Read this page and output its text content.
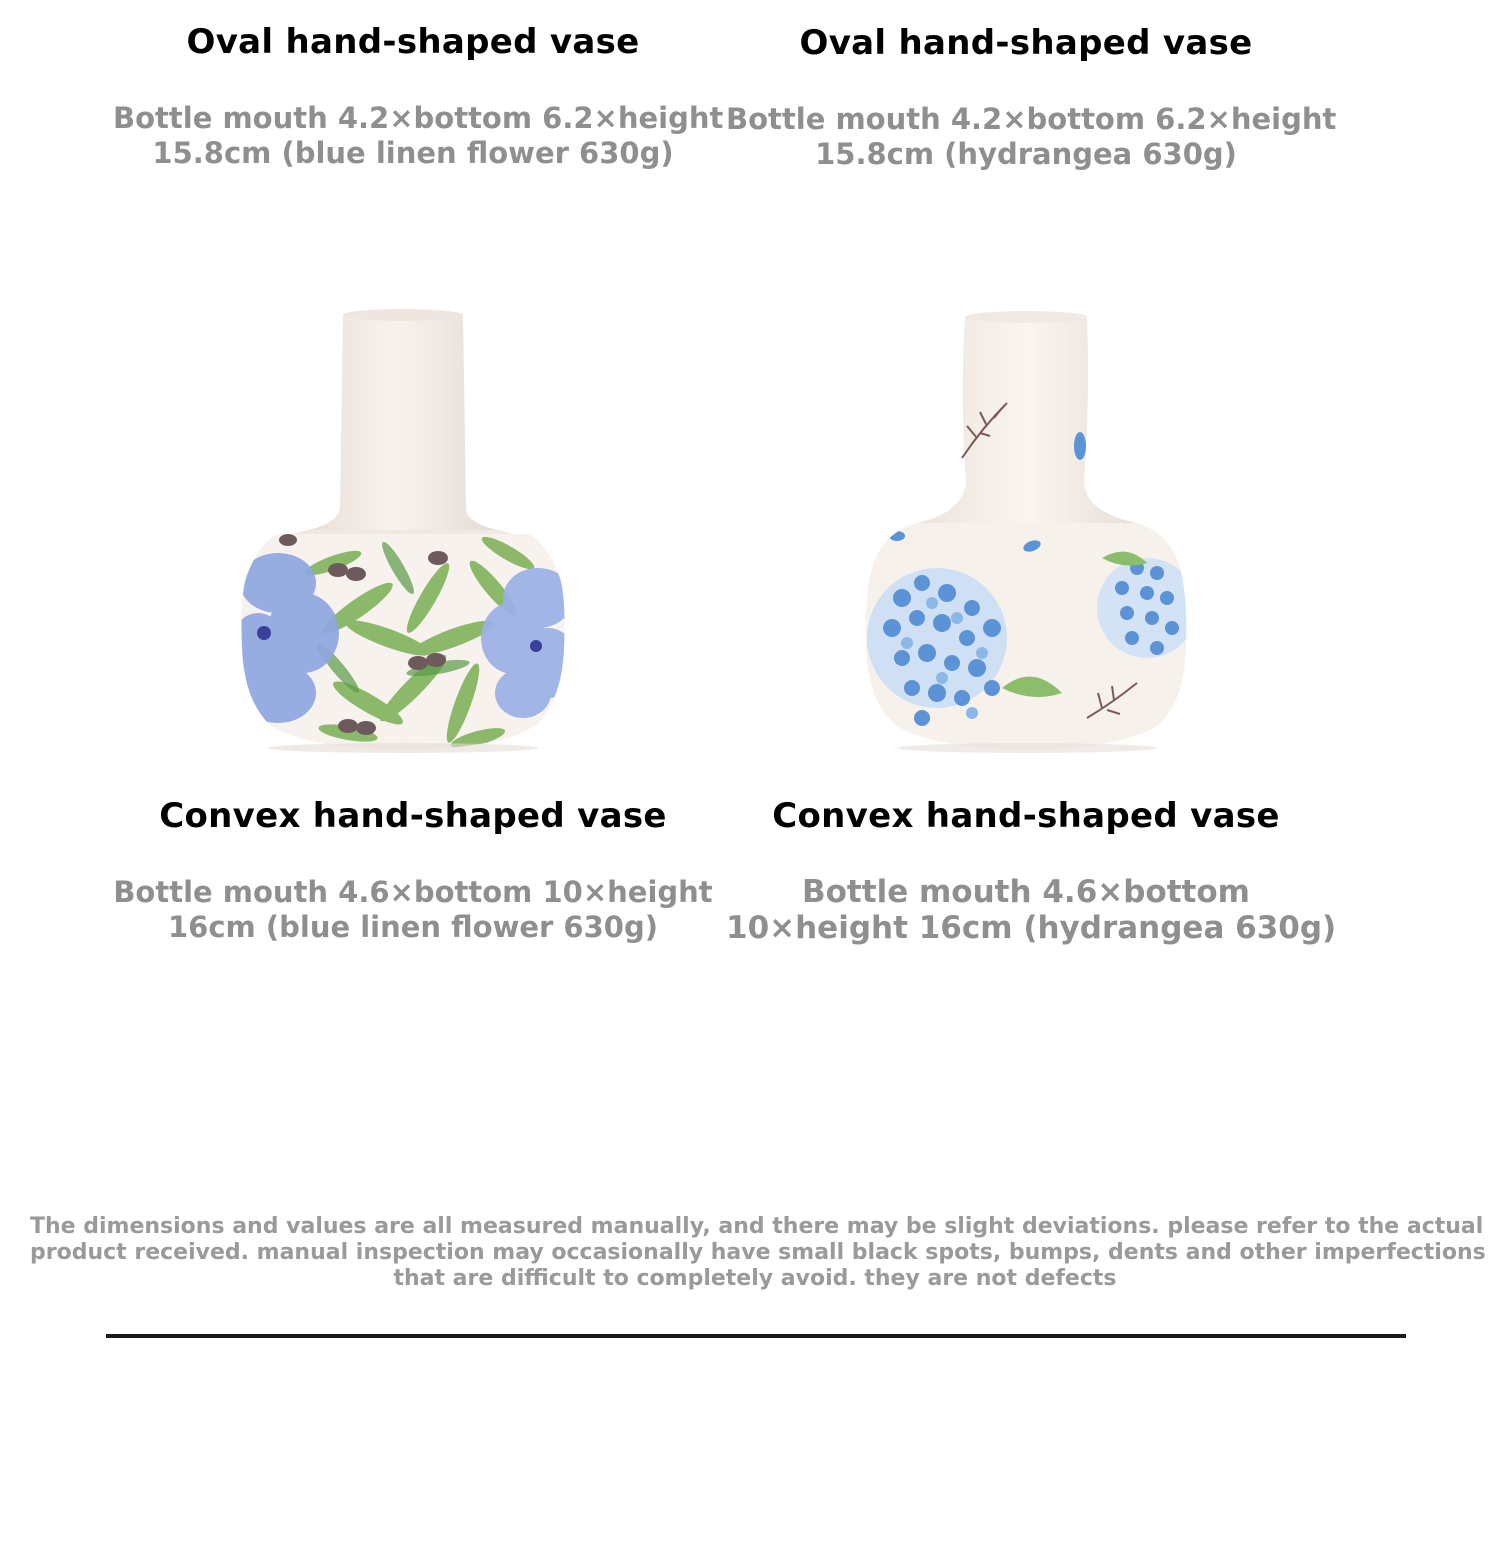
Oval hand-shaped vase	Oval hand-shaped vase
Bottle mouth 4.2×bottom 6.2×height
15.8cm (blue linen flower 630g)
Bottle mouth 4.2×bottom 6.2×height
15.8cm (hydrangea 630g)
Convex hand-shaped vase	Convex hand-shaped vase
Bottle mouth 4.6×bottom 10×height
16cm (blue linen flower 630g)
Bottle mouth 4.6×bottom
10×height 16cm (hydrangea 630g)
The dimensions and values are all measured manually, and there may be slight deviations. please refer to the actual
product received. manual inspection may occasionally have small black spots, bumps, dents and other imperfections
that are difficult to completely avoid. they are not defects
